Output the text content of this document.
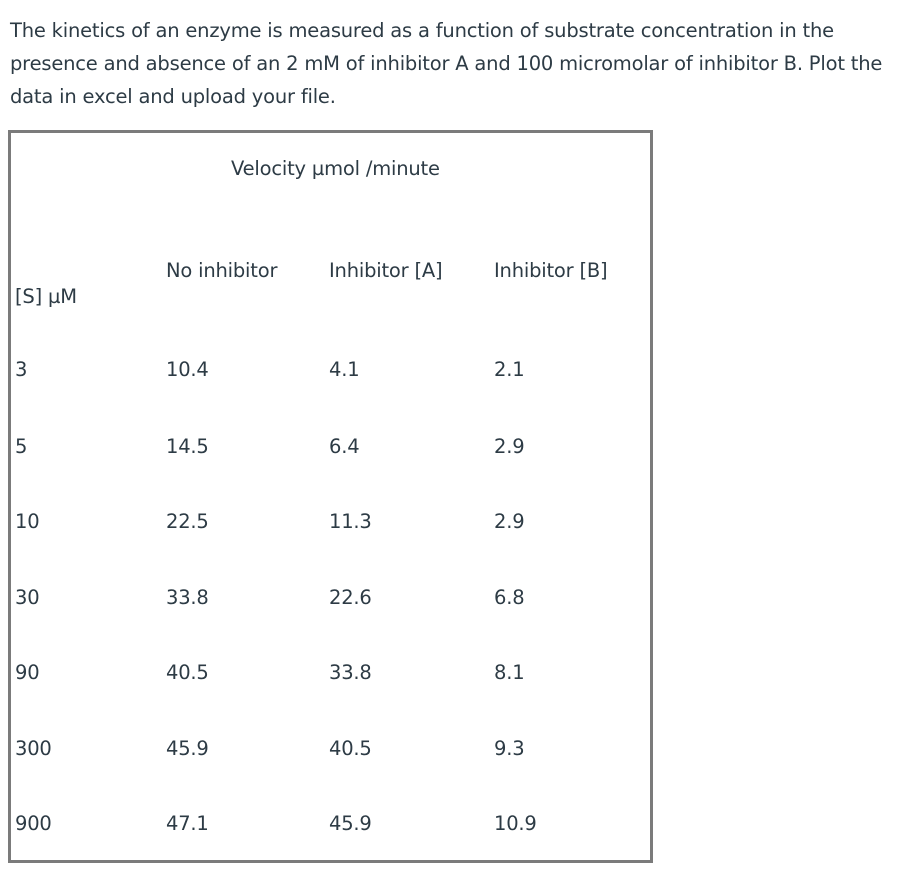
The kinetics of an enzyme is measured as a function of substrate concentration in the presence and absence of an 2 mM of inhibitor A and 100 micromolar of inhibitor B. Plot the data in excel and upload your file.

Velocity µmol /minute
No inhibitor	Inhibitor [A]	Inhibitor [B]
[S] µM
3	10.4	4.1	2.1
5	14.5	6.4	2.9
10	22.5	11.3	2.9
30	33.8	22.6	6.8
90	40.5	33.8	8.1
300	45.9	40.5	9.3
900	47.1	45.9	10.9
